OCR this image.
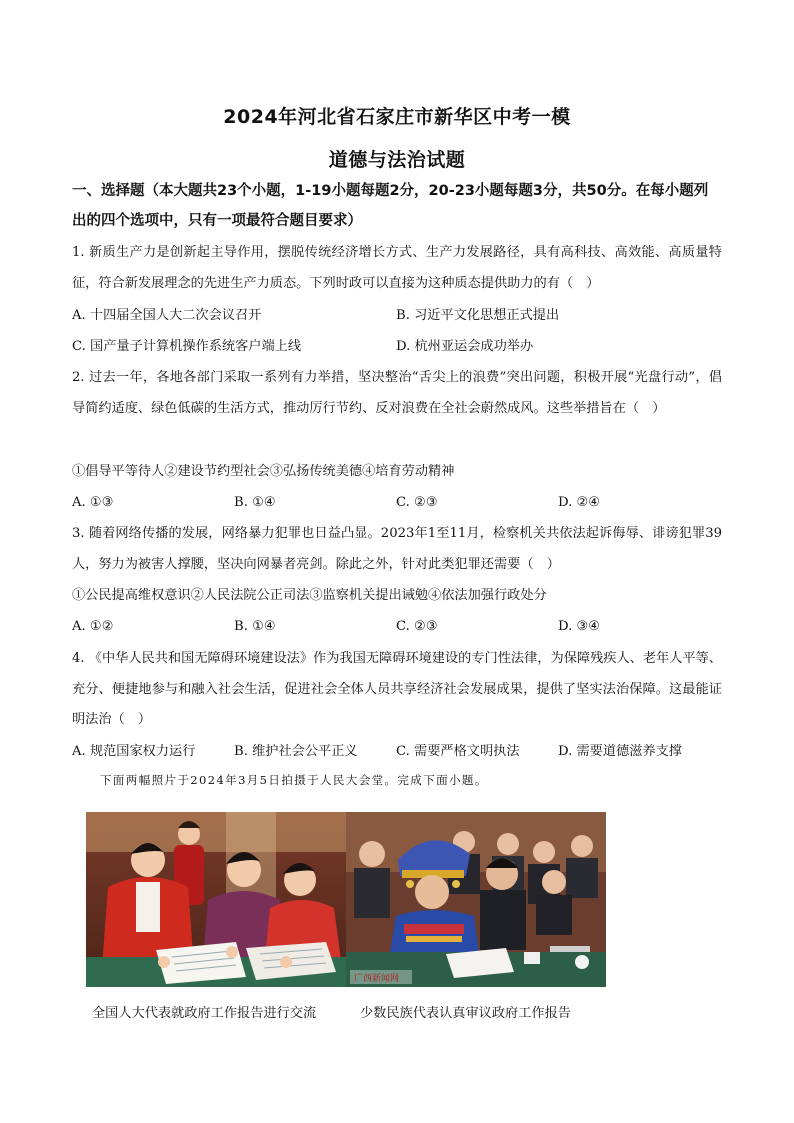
2024年河北省石家庄市新华区中考一模
道德与法治试题
一、选择题（本大题共23个小题，1-19小题每题2分，20-23小题每题3分，共50分。在每小题列出的四个选项中，只有一项最符合题目要求）
1. 新质生产力是创新起主导作用，摆脱传统经济增长方式、生产力发展路径，具有高科技、高效能、高质量特征，符合新发展理念的先进生产力质态。下列时政可以直接为这种质态提供助力的有（　）
A. 十四届全国人大二次会议召开	B. 习近平文化思想正式提出
C. 国产量子计算机操作系统客户端上线	D. 杭州亚运会成功举办
2. 过去一年，各地各部门采取一系列有力举措，坚决整治“舌尖上的浪费”突出问题，积极开展“光盘行动”，倡导简约适度、绿色低碳的生活方式，推动厉行节约、反对浪费在全社会蔚然成风。这些举措旨在（　）
①倡导平等待人②建设节约型社会③弘扬传统美德④培育劳动精神
A. ①③	B. ①④	C. ②③	D. ②④
3. 随着网络传播的发展，网络暴力犯罪也日益凸显。2023年1至11月，检察机关共依法起诉侮辱、诽谤犯罪39人，努力为被害人撑腰，坚决向网暴者亮剑。除此之外，针对此类犯罪还需要（　）
①公民提高维权意识②人民法院公正司法③监察机关提出诫勉④依法加强行政处分
A. ①②	B. ①④	C. ②③	D. ③④
4. 《中华人民共和国无障碍环境建设法》作为我国无障碍环境建设的专门性法律，为保障残疾人、老年人平等、充分、便捷地参与和融入社会生活，促进社会全体人员共享经济社会发展成果，提供了坚实法治保障。这最能证明法治（　）
A. 规范国家权力运行	B. 维护社会公平正义	C. 需要严格文明执法	D. 需要道德滋养支撑
下面两幅照片于2024年3月5日拍摄于人民大会堂。完成下面小题。
广西新闻网
全国人大代表就政府工作报告进行交流	少数民族代表认真审议政府工作报告
